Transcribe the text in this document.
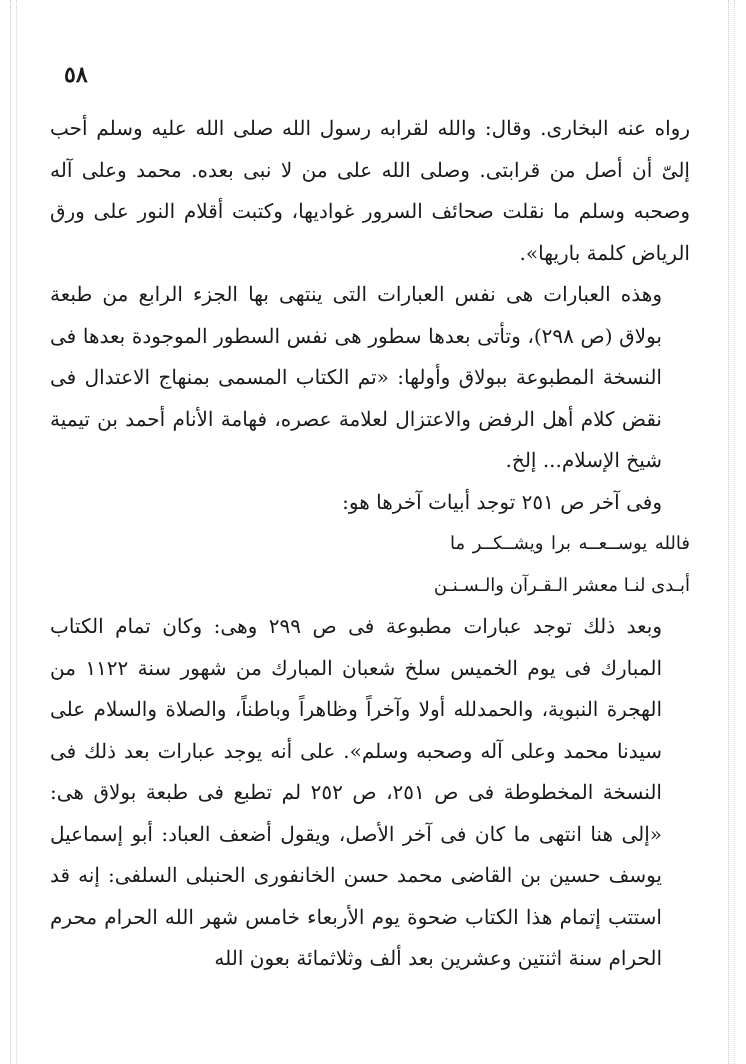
٥٨

رواه عنه البخارى. وقال: والله لقرابه رسول الله صلى الله عليه وسلم أحب إلىّ أن أصل من قرابتى. وصلى الله على من لا نبى بعده. محمد وعلى آله وصحبه وسلم ما نقلت صحائف السرور غواديها، وكتبت أقلام النور على ورق الرياض كلمة باريها».

وهذه العبارات هى نفس العبارات التى ينتهى بها الجزء الرابع من طبعة بولاق (ص ٢٩٨)، وتأتى بعدها سطور هى نفس السطور الموجودة بعدها فى النسخة المطبوعة ببولاق وأولها: «تم الكتاب المسمى بمنهاج الاعتدال فى نقض كلام أهل الرفض والاعتزال لعلامة عصره، فهامة الأنام أحمد بن تيمية شيخ الإسلام... إلخ.

وفى آخر ص ٢٥١ توجد أبيات آخرها هو:

فالله
يوســعــه
برا
ويشــكــر
ما
أبـدى لنـا معشر الـقـرآن والـسـنـن

وبعد ذلك توجد عبارات مطبوعة فى ص ٢٩٩ وهى: وكان تمام الكتاب المبارك فى يوم الخميس سلخ شعبان المبارك من شهور سنة ١١٢٢ من الهجرة النبوية، والحمدلله أولا وآخراً وظاهراً وباطناً، والصلاة والسلام على سيدنا محمد وعلى آله وصحبه وسلم». على أنه يوجد عبارات بعد ذلك فى النسخة المخطوطة فى ص ٢٥١، ص ٢٥٢ لم تطبع فى طبعة بولاق هى: «إلى هنا انتهى ما كان فى آخر الأصل، ويقول أضعف العباد: أبو إسماعيل يوسف حسين بن القاضى محمد حسن الخانفورى الحنبلى السلفى: إنه قد استتب إتمام هذا الكتاب ضحوة يوم الأربعاء خامس شهر الله الحرام محرم الحرام سنة اثنتين وعشرين بعد ألف وثلاثمائة بعون الله
